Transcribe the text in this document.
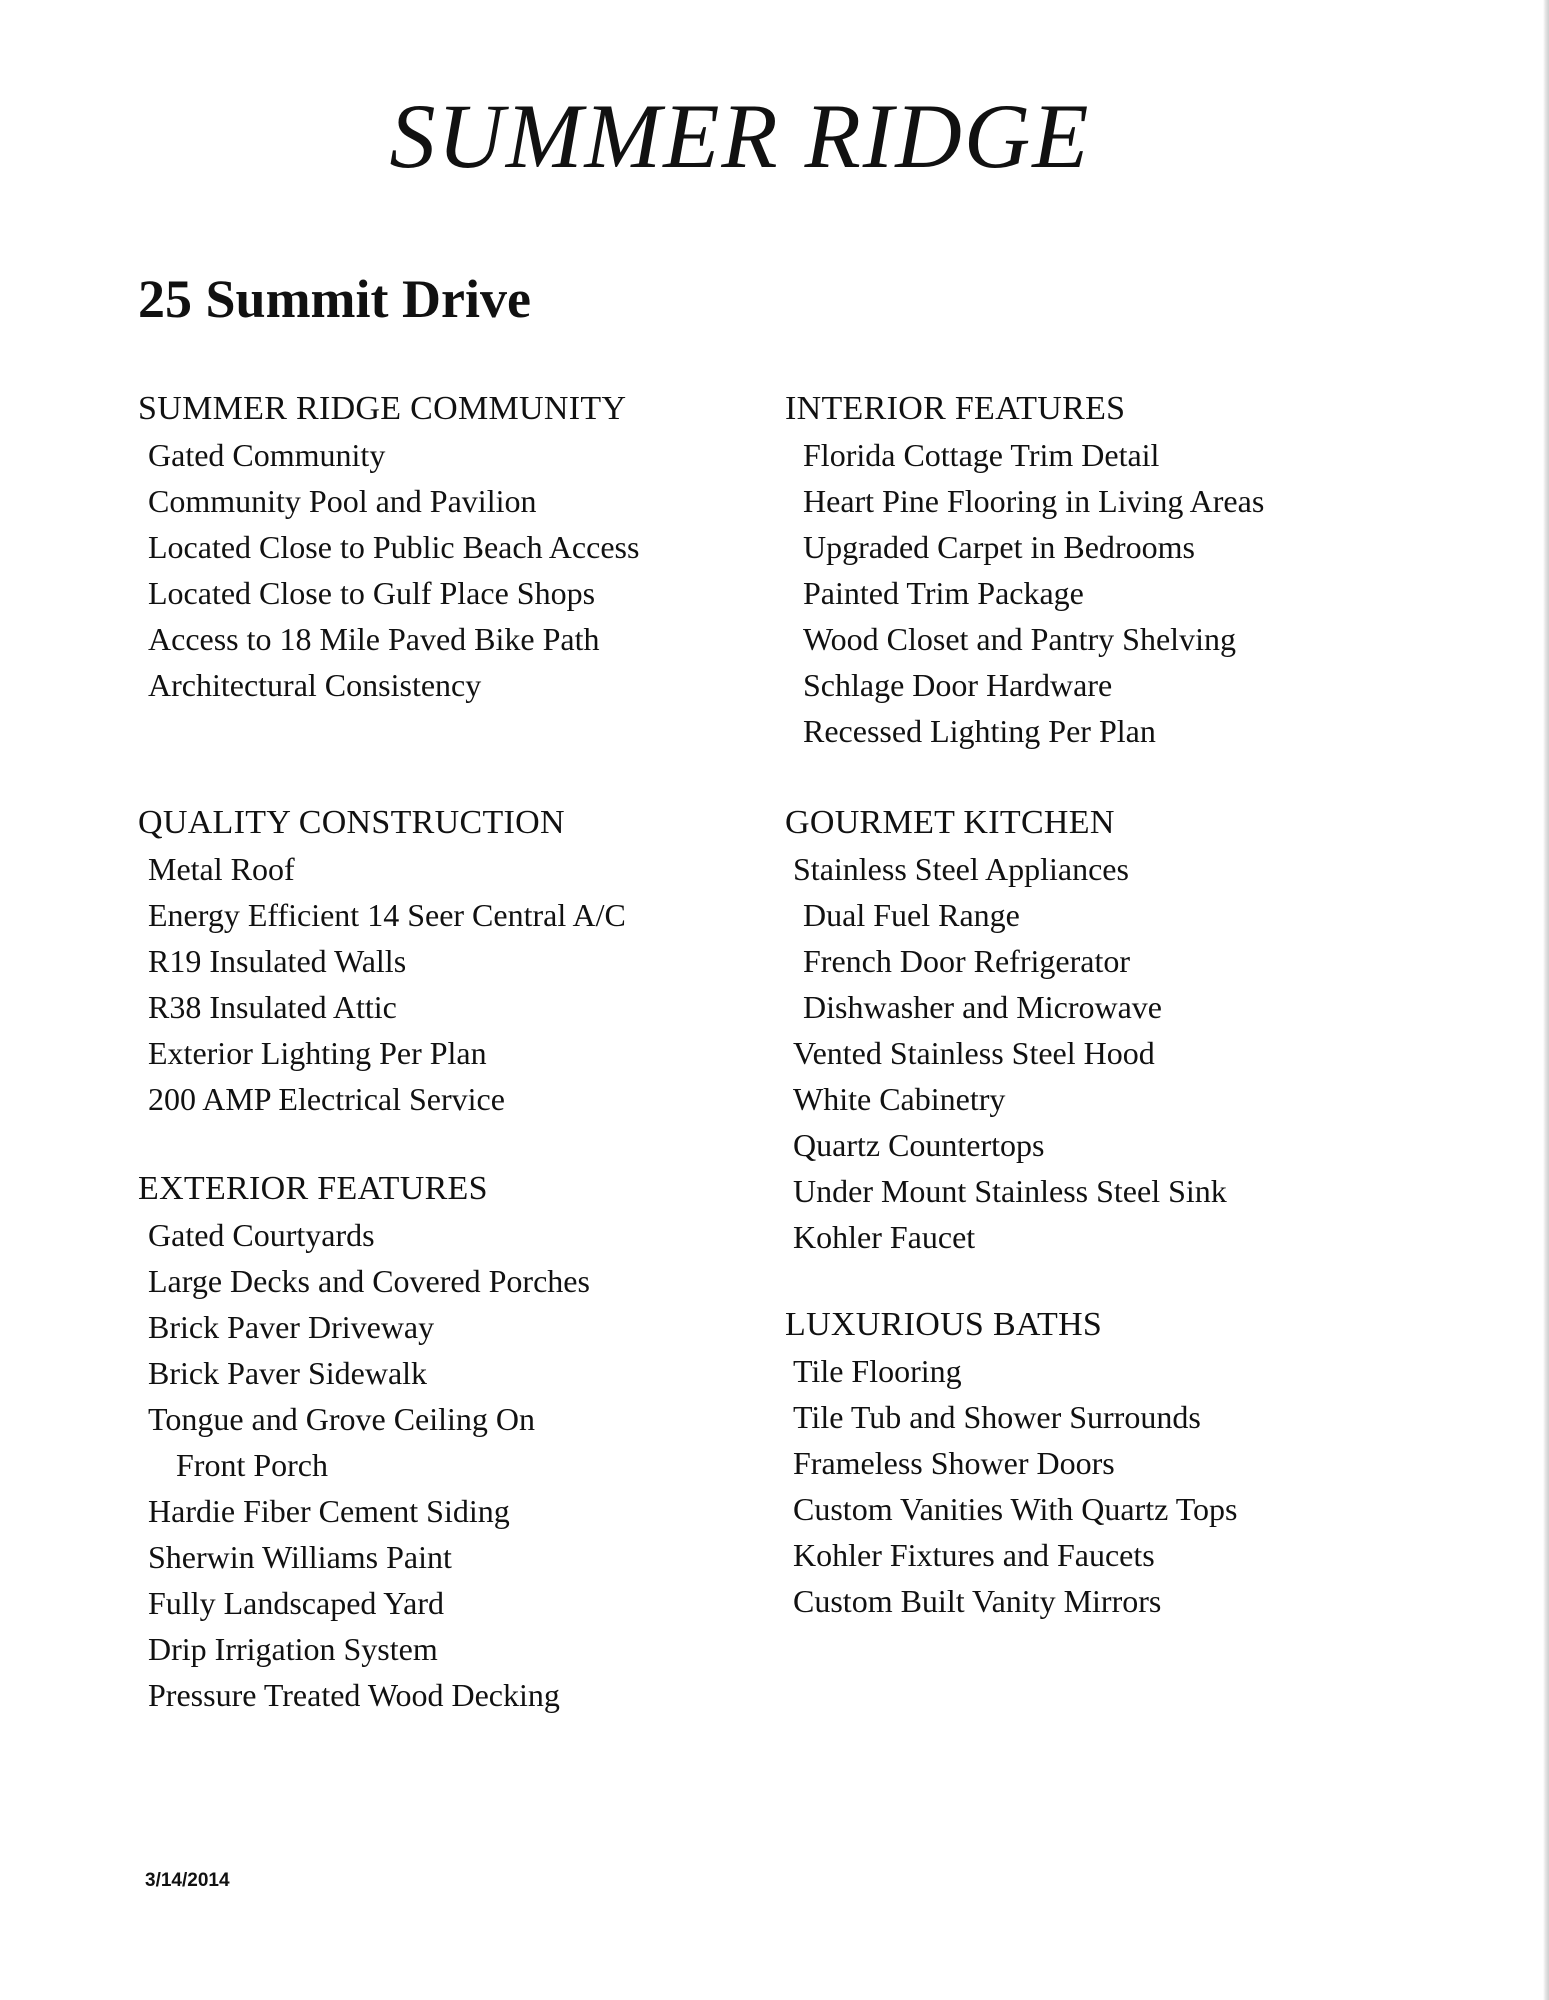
SUMMER RIDGE
25 Summit Drive
SUMMER RIDGE COMMUNITY
Gated Community
Community Pool and Pavilion
Located Close to Public Beach Access
Located Close to Gulf Place Shops
Access to 18 Mile Paved Bike Path
Architectural Consistency
QUALITY CONSTRUCTION
Metal Roof
Energy Efficient 14 Seer Central A/C
R19 Insulated Walls
R38 Insulated Attic
Exterior Lighting Per Plan
200 AMP Electrical Service
EXTERIOR FEATURES
Gated Courtyards
Large Decks and Covered Porches
Brick Paver Driveway
Brick Paver Sidewalk
Tongue and Grove Ceiling On
Front Porch
Hardie Fiber Cement Siding
Sherwin Williams Paint
Fully Landscaped Yard
Drip Irrigation System
Pressure Treated Wood Decking
INTERIOR FEATURES
Florida Cottage Trim Detail
Heart Pine Flooring in Living Areas
Upgraded Carpet in Bedrooms
Painted Trim Package
Wood Closet and Pantry Shelving
Schlage Door Hardware
Recessed Lighting Per Plan
GOURMET KITCHEN
Stainless Steel Appliances
Dual Fuel Range
French Door Refrigerator
Dishwasher and Microwave
Vented Stainless Steel Hood
White Cabinetry
Quartz Countertops
Under Mount Stainless Steel Sink
Kohler Faucet
LUXURIOUS BATHS
Tile Flooring
Tile Tub and Shower Surrounds
Frameless Shower Doors
Custom Vanities With Quartz Tops
Kohler Fixtures and Faucets
Custom Built Vanity Mirrors

3/14/2014
